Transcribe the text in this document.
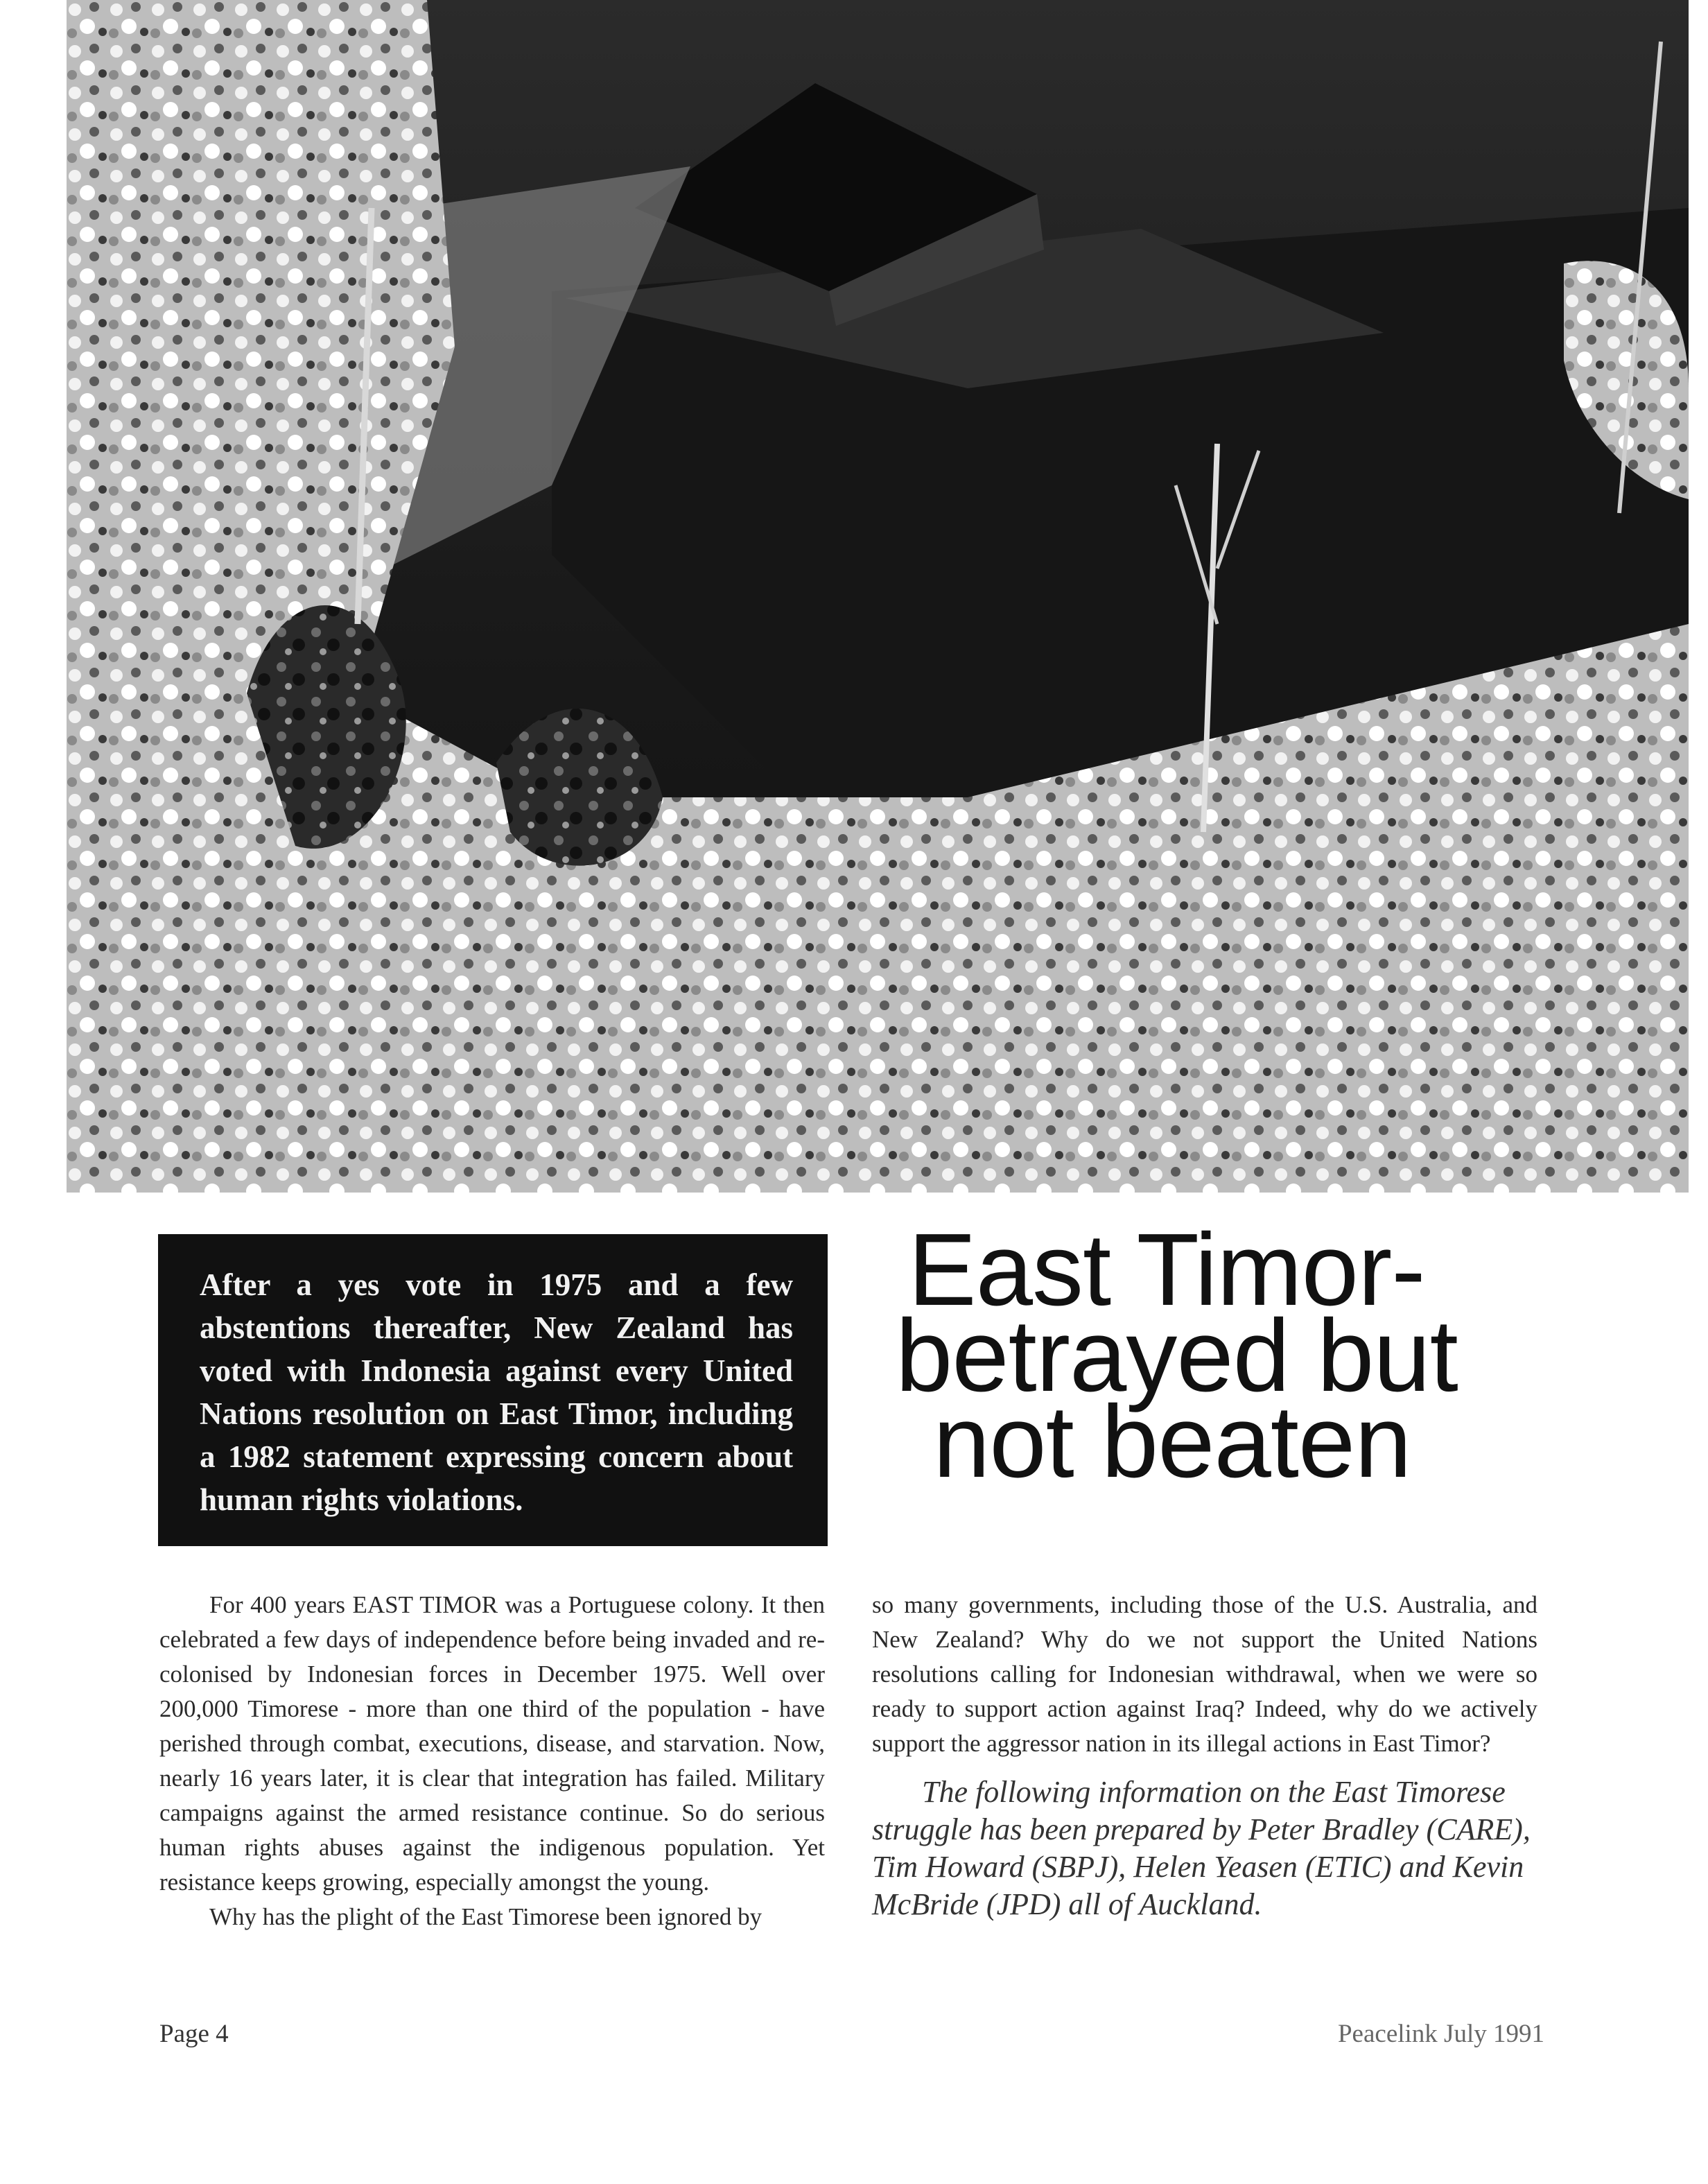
After a yes vote in 1975 and a few abstentions thereafter, New Zealand has voted with Indonesia against every United Nations resolution on East Timor, including a 1982 statement expressing concern about human rights violations.
East Timor-
betrayed but
not beaten

For 400 years EAST TIMOR was a Portuguese colony. It then celebrated a few days of independence before being invaded and re-colonised by Indonesian forces in December 1975. Well over 200,000 Timorese - more than one third of the population - have perished through combat, executions, disease, and starvation. Now, nearly 16 years later, it is clear that integration has failed. Military campaigns against the armed resistance continue. So do serious human rights abuses against the indigenous population. Yet resistance keeps growing, especially amongst the young.

Why has the plight of the East Timorese been ignored by

so many governments, including those of the U.S. Australia, and New Zealand? Why do we not support the United Nations resolutions calling for Indonesian withdrawal, when we were so ready to support action against Iraq? Indeed, why do we actively support the aggressor nation in its illegal actions in East Timor?

The following information on the East Timorese struggle has been prepared by Peter Bradley (CARE), Tim Howard (SBPJ), Helen Yeasen (ETIC) and Kevin McBride (JPD) all of Auckland.

Page 4	Peacelink July 1991
